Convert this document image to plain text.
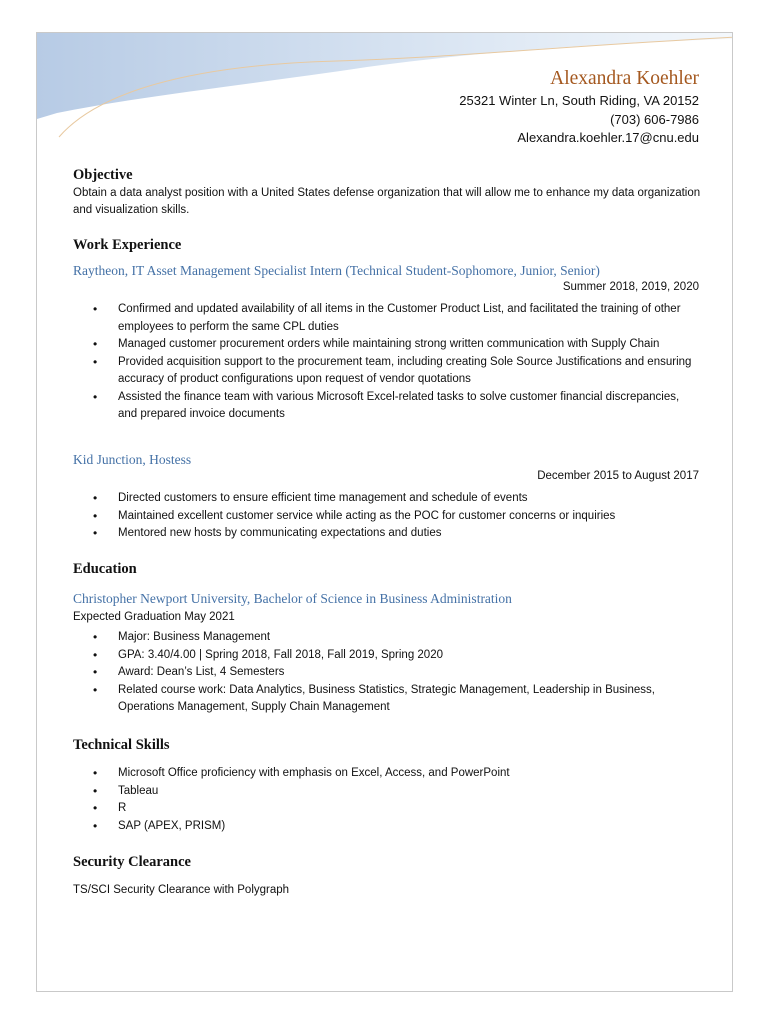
Alexandra Koehler
25321 Winter Ln, South Riding, VA 20152
(703) 606-7986
Alexandra.koehler.17@cnu.edu
Objective
Obtain a data analyst position with a United States defense organization that will allow me to enhance my data organization and visualization skills.
Work Experience
Raytheon, IT Asset Management Specialist Intern (Technical Student-Sophomore, Junior, Senior)
Summer 2018, 2019, 2020
• Confirmed and updated availability of all items in the Customer Product List, and facilitated the training of other employees to perform the same CPL duties
• Managed customer procurement orders while maintaining strong written communication with Supply Chain
• Provided acquisition support to the procurement team, including creating Sole Source Justifications and ensuring accuracy of product configurations upon request of vendor quotations
• Assisted the finance team with various Microsoft Excel-related tasks to solve customer financial discrepancies, and prepared invoice documents
Kid Junction, Hostess
December 2015 to August 2017
• Directed customers to ensure efficient time management and schedule of events
• Maintained excellent customer service while acting as the POC for customer concerns or inquiries
• Mentored new hosts by communicating expectations and duties
Education
Christopher Newport University, Bachelor of Science in Business Administration
Expected Graduation May 2021
• Major: Business Management
• GPA: 3.40/4.00 | Spring 2018, Fall 2018, Fall 2019, Spring 2020
• Award: Dean’s List, 4 Semesters
• Related course work: Data Analytics, Business Statistics, Strategic Management, Leadership in Business, Operations Management, Supply Chain Management
Technical Skills
• Microsoft Office proficiency with emphasis on Excel, Access, and PowerPoint
• Tableau
• R
• SAP (APEX, PRISM)
Security Clearance
TS/SCI Security Clearance with Polygraph
